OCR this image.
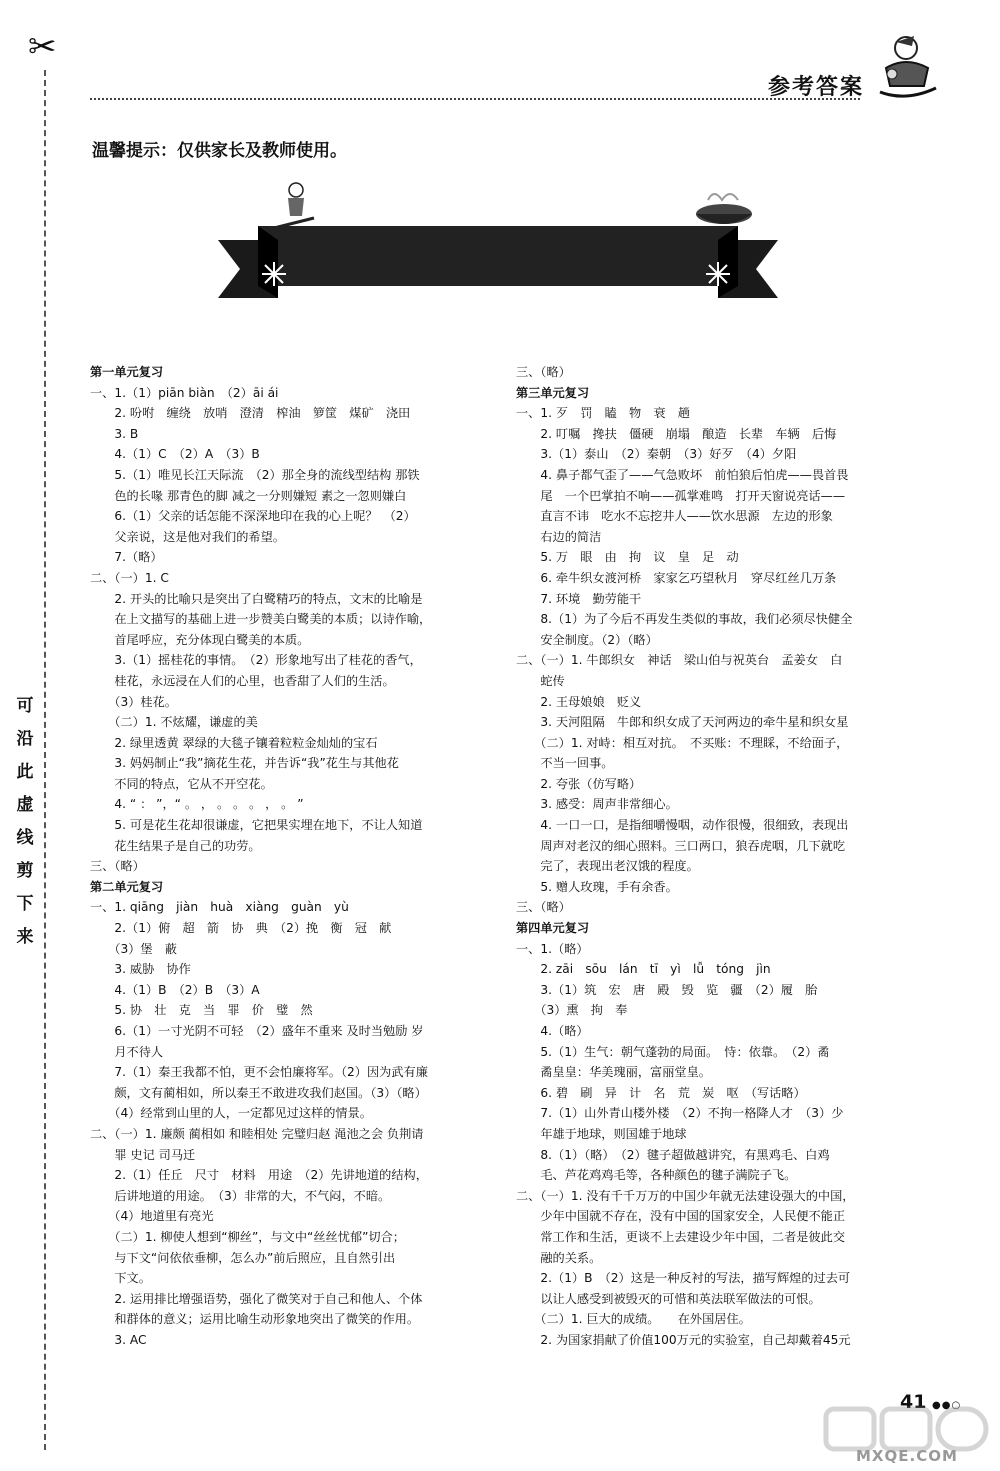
✂
可
沿
此
虚
线
剪
下
来
参考答案
温馨提示：仅供家长及教师使用。
第一单元复习
一、1.（1）piān biàn　（2）āi ái
　　2. 吩咐　缠绕　放哨　澄清　榨油　箩筐　煤矿　浇田
　　3. B
　　4.（1）C　（2）A　（3）B
　　5.（1）唯见长江天际流　（2）那全身的流线型结构 那铁
　　色的长喙 那青色的脚 减之一分则嫌短 素之一忽则嫌白
　　6.（1）父亲的话怎能不深深地印在我的心上呢？　（2）
　　父亲说，这是他对我们的希望。
　　7.（略）
二、（一）1. C
　　2. 开头的比喻只是突出了白鹭精巧的特点，文末的比喻是
　　在上文描写的基础上进一步赞美白鹭美的本质；以诗作喻，
　　首尾呼应，充分体现白鹭美的本质。
　　3.（1）摇桂花的事情。　（2）形象地写出了桂花的香气，
　　桂花，永远浸在人们的心里，也香甜了人们的生活。
　　（3）桂花。
　　（二）1. 不炫耀，谦虚的美
　　2. 绿里透黄 翠绿的大毯子镶着粒粒金灿灿的宝石
　　3. 妈妈制止“我”摘花生花，并告诉“我”花生与其他花
　　不同的特点，它从不开空花。
　　4. “ ： ”，“ 。 ， 。 。 。 ， 。 ”
　　5. 可是花生花却很谦虚，它把果实埋在地下，不让人知道
　　花生结果子是自己的功劳。
三、（略）
第二单元复习
一、1. qiāng　jiàn　huà　xiàng　guàn　yù
　　2.（1）俯　超　箭　协　典　（2）挽　衡　冠　献
　　（3）堡　蔽
　　3. 威胁　协作
　　4.（1）B　（2）B　（3）A
　　5. 协　壮　克　当　罪　价　璧　然
　　6.（1）一寸光阴不可轻　（2）盛年不重来 及时当勉励 岁
　　月不待人
　　7.（1）秦王我都不怕，更不会怕廉将军。（2）因为武有廉
　　颇，文有蔺相如，所以秦王不敢进攻我们赵国。（3）（略）
　　（4）经常到山里的人，一定都见过这样的情景。
二、（一）1. 廉颇 蔺相如 和睦相处 完璧归赵 渑池之会 负荆请
　　罪 史记 司马迁
　　2.（1）任丘　尺寸　材料　用途　（2）先讲地道的结构，
　　后讲地道的用途。　（3）非常的大，不气闷，不暗。
　　（4）地道里有亮光
　　（二）1. 柳使人想到“柳丝”，与文中“丝丝忧郁”切合；
　　与下文“问依依垂柳，怎么办”前后照应，且自然引出
　　下文。
　　2. 运用排比增强语势，强化了微笑对于自己和他人、个体
　　和群体的意义；运用比喻生动形象地突出了微笑的作用。
　　3. AC
三、（略）
第三单元复习
一、1. 歹　罚　瞌　物　衰　趟
　　2. 叮嘱　搀扶　僵硬　崩塌　酿造　长辈　车辆　后悔
　　3.（1）泰山　（2）秦朝　（3）好歹　（4）夕阳
　　4. 鼻子都气歪了——气急败坏　前怕狼后怕虎——畏首畏
　　尾　一个巴掌拍不响——孤掌难鸣　打开天窗说亮话——
　　直言不讳　吃水不忘挖井人——饮水思源　左边的形象
　　右边的简洁
　　5. 万　眼　由　拘　议　皇　足　动
　　6. 牵牛织女渡河桥　家家乞巧望秋月　穿尽红丝几万条
　　7. 环境　勤劳能干
　　8.（1）为了今后不再发生类似的事故，我们必须尽快健全
　　安全制度。（2）（略）
二、（一）1. 牛郎织女　神话　梁山伯与祝英台　孟姜女　白
　　蛇传
　　2. 王母娘娘　贬义
　　3. 天河阻隔　牛郎和织女成了天河两边的牵牛星和织女星
　　（二）1. 对峙：相互对抗。　不买账：不理睬，不给面子，
　　不当一回事。
　　2. 夸张（仿写略）
　　3. 感受：周声非常细心。
　　4. 一口一口，是指细嚼慢咽，动作很慢，很细致，表现出
　　周声对老汉的细心照料。三口两口，狼吞虎咽，几下就吃
　　完了，表现出老汉饿的程度。
　　5. 赠人玫瑰，手有余香。
三、（略）
第四单元复习
一、1.（略）
　　2. zāi　sōu　lán　tī　yì　lǚ　tóng　jìn
　　3.（1）筑　宏　唐　殿　毁　览　疆　（2）履　胎
　　（3）熏　拘　奉
　　4.（略）
　　5.（1）生气：朝气蓬勃的局面。　恃：依靠。　（2）矞
　　矞皇皇：华美瑰丽，富丽堂皇。
　　6. 碧　刷　异　计　名　荒　炭　呕　（写话略）
　　7.（1）山外青山楼外楼　（2）不拘一格降人才　（3）少
　　年雄于地球，则国雄于地球
　　8.（1）（略）　（2）毽子超做越讲究，有黑鸡毛、白鸡
　　毛、芦花鸡鸡毛等，各种颜色的毽子满院子飞。
二、（一）1. 没有千千万万的中国少年就无法建设强大的中国，
　　少年中国就不存在，没有中国的国家安全，人民便不能正
　　常工作和生活，更谈不上去建设少年中国，二者是彼此交
　　融的关系。
　　2.（1）B　（2）这是一种反衬的写法，描写辉煌的过去可
　　以让人感受到被毁灭的可惜和英法联军做法的可恨。
　　（二）1. 巨大的成绩。　　在外国居住。
　　2. 为国家捐献了价值100万元的实验室，自己却戴着45元
41 ●●○
MXQE.COM
